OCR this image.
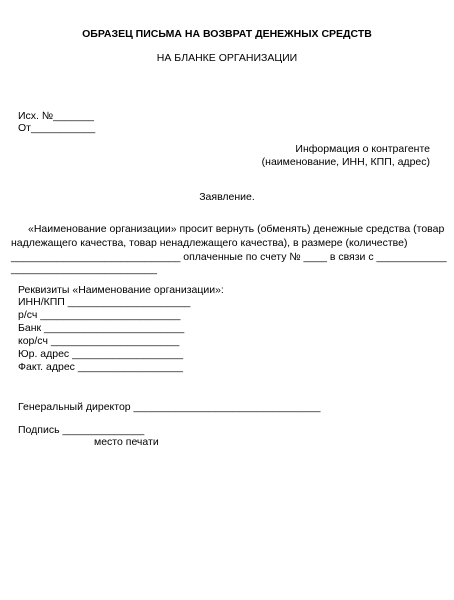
ОБРАЗЕЦ ПИСЬМА НА ВОЗВРАТ ДЕНЕЖНЫХ СРЕДСТВ
НА БЛАНКЕ ОРГАНИЗАЦИИ
Исх. №_______
От___________
Информация о контрагенте
(наименование, ИНН, КПП, адрес)
Заявление.
«Наименование организации» просит вернуть (обменять) денежные средства (товар
надлежащего качества, товар ненадлежащего качества), в размере (количестве)
_____________________________ оплаченные по счету № ____ в связи с ____________
_________________________
Реквизиты «Наименование организации»:
ИНН/КПП _____________________
р/сч ________________________
Банк ________________________
кор/сч ______________________
Юр. адрес ___________________
Факт. адрес __________________
Генеральный директор ________________________________
Подпись ______________
место печати
